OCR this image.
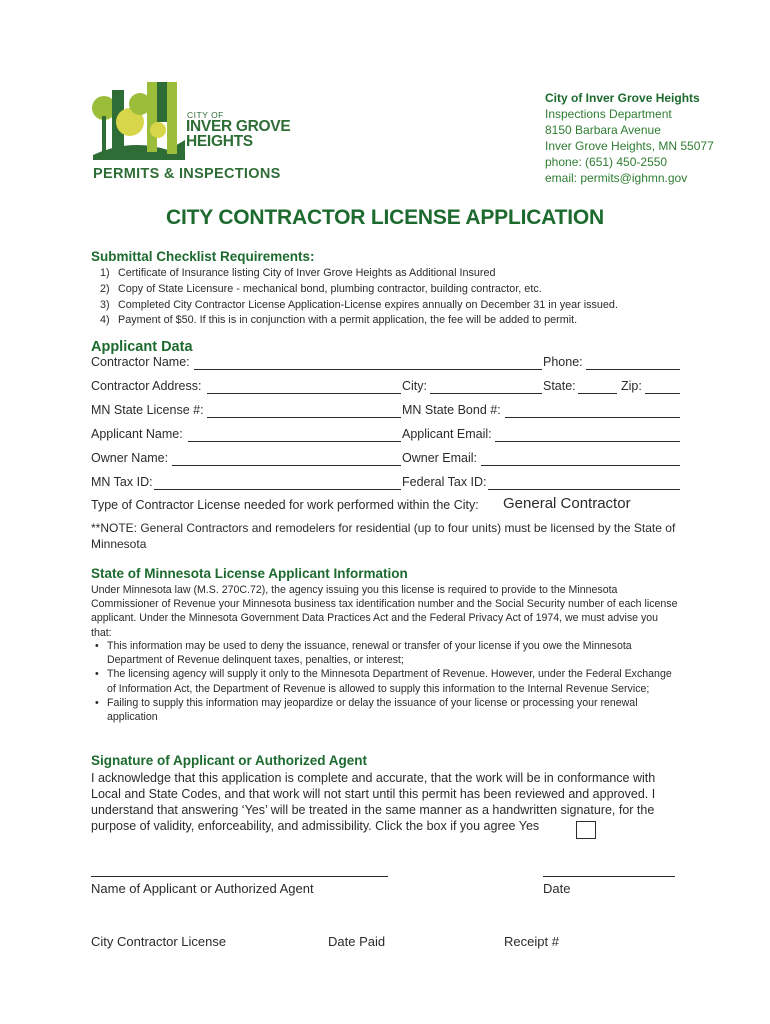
CITY OF
INVER GROVE
HEIGHTS
PERMITS & INSPECTIONS
City of Inver Grove Heights
Inspections Department
8150 Barbara Avenue
Inver Grove Heights, MN 55077
phone: (651) 450-2550
email: permits@ighmn.gov
CITY CONTRACTOR LICENSE APPLICATION
Submittal Checklist Requirements:
1) Certificate of Insurance listing City of Inver Grove Heights as Additional Insured
2) Copy of State Licensure - mechanical bond, plumbing contractor, building contractor, etc.
3) Completed City Contractor License Application-License expires annually on December 31 in year issued.
4) Payment of $50. If this is in conjunction with a permit application, the fee will be added to permit.
Applicant Data
Contractor Name:	Phone:
Contractor Address:	City:	State:	Zip:
MN State License #:	MN State Bond #:
Applicant Name:	Applicant Email:
Owner Name:	Owner Email:
MN Tax ID:	Federal Tax ID:
Type of Contractor License needed for work performed within the City: General Contractor
**NOTE: General Contractors and remodelers for residential (up to four units) must be licensed by the State of Minnesota
State of Minnesota License Applicant Information
Under Minnesota law (M.S. 270C.72), the agency issuing you this license is required to provide to the Minnesota Commissioner of Revenue your Minnesota business tax identification number and the Social Security number of each license applicant. Under the Minnesota Government Data Practices Act and the Federal Privacy Act of 1974, we must advise you that:
• This information may be used to deny the issuance, renewal or transfer of your license if you owe the Minnesota Department of Revenue delinquent taxes, penalties, or interest;
• The licensing agency will supply it only to the Minnesota Department of Revenue. However, under the Federal Exchange of Information Act, the Department of Revenue is allowed to supply this information to the Internal Revenue Service;
• Failing to supply this information may jeopardize or delay the issuance of your license or processing your renewal application
Signature of Applicant or Authorized Agent
I acknowledge that this application is complete and accurate, that the work will be in conformance with Local and State Codes, and that work will not start until this permit has been reviewed and approved. I understand that answering ‘Yes’ will be treated in the same manner as a handwritten signature, for the purpose of validity, enforceability, and admissibility. Click the box if you agree Yes
Name of Applicant or Authorized Agent	Date
City Contractor License	Date Paid	Receipt #
